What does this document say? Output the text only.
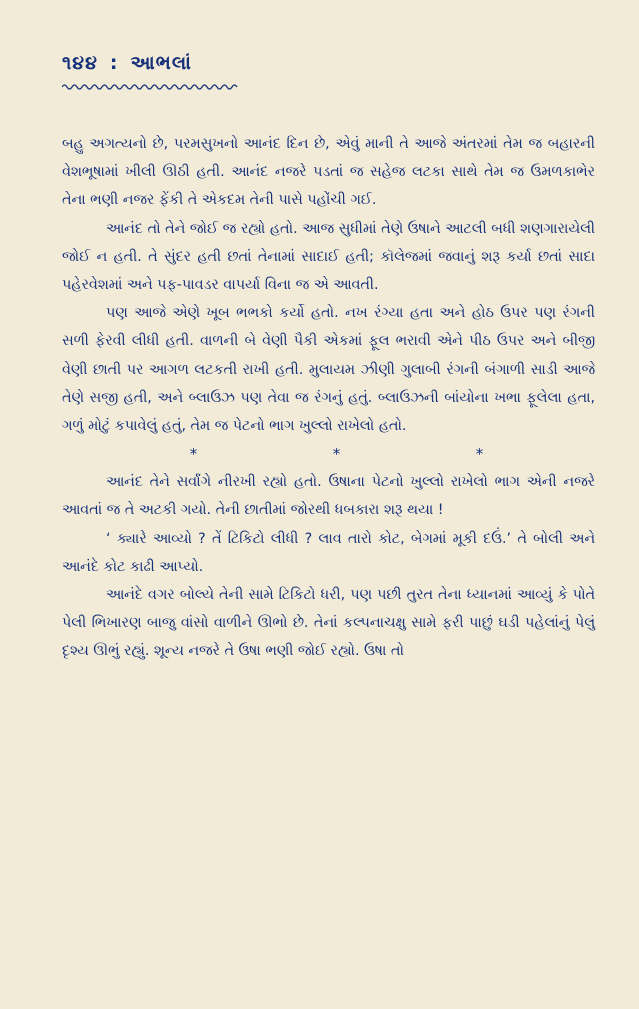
૧૪૪ : આભલાં

બહુ અગત્યનો છે, પરમસુખનો આનંદ દિન છે, એવું માની તે આજે અંતરમાં તેમ જ બહારની વેશભૂષામાં ખીલી ઊઠી હતી. આનંદ નજરે પડતાં જ સહેજ લટકા સાથે તેમ જ ઉમળકાભેર તેના ભણી નજર ફેંકી તે એકદમ તેની પાસે પહોંચી ગઈ.

આનંદ તો તેને જોઈ જ રહ્યો હતો. આજ સુધીમાં તેણે ઉષાને આટલી બધી શણગારાયેલી જોઈ ન હતી. તે સુંદર હતી છતાં તેનામાં સાદાઈ હતી; કૉલેજમાં જવાનું શરૂ કર્યા છતાં સાદા પહેરવેશમાં અને પફ-પાવડર વાપર્યા વિના જ એ આવતી.

પણ આજે એણે ખૂબ ભભકો કર્યો હતો. નખ રંગ્યા હતા અને હોઠ ઉપર પણ રંગની સળી ફેરવી લીધી હતી. વાળની બે વેણી પૈકી એકમાં ફૂલ ભરાવી એને પીઠ ઉપર અને બીજી વેણી છાતી પર આગળ લટકતી રાખી હતી. મુલાયમ ઝીણી ગુલાબી રંગની બંગાળી સાડી આજે તેણે સજી હતી, અને બ્લાઉઝ પણ તેવા જ રંગનું હતું. બ્લાઉઝની બાંયોના ખભા ફૂલેલા હતા, ગળું મોટું કપાવેલું હતું, તેમ જ પેટનો ભાગ ખુલ્લો રાખેલો હતો.

*	*	*

આનંદ તેને સર્વાંગે નીરખી રહ્યો હતો. ઉષાના પેટનો ખુલ્લો રાખેલો ભાગ એની નજરે આવતાં જ તે અટકી ગયો. તેની છાતીમાં જોરથી ધબકારા શરૂ થયા !

‘ ક્યારે આવ્યો ? તેં ટિકિટો લીધી ? લાવ તારો કોટ, બેગમાં મૂકી દઉં.’ તે બોલી અને આનંદે કોટ કાઢી આપ્યો.

આનંદે વગર બોલ્યે તેની સામે ટિકિટો ધરી, પણ પછી તુરત તેના ધ્યાનમાં આવ્યું કે પોતે પેલી ભિખારણ બાજુ વાંસો વાળીને ઊભો છે. તેનાં કલ્પનાચક્ષુ સામે ફરી પાછું ઘડી પહેલાંનું પેલું દૃશ્ય ઊભું રહ્યું. શૂન્ય નજરે તે ઉષા ભણી જોઈ રહ્યો. ઉષા તો
